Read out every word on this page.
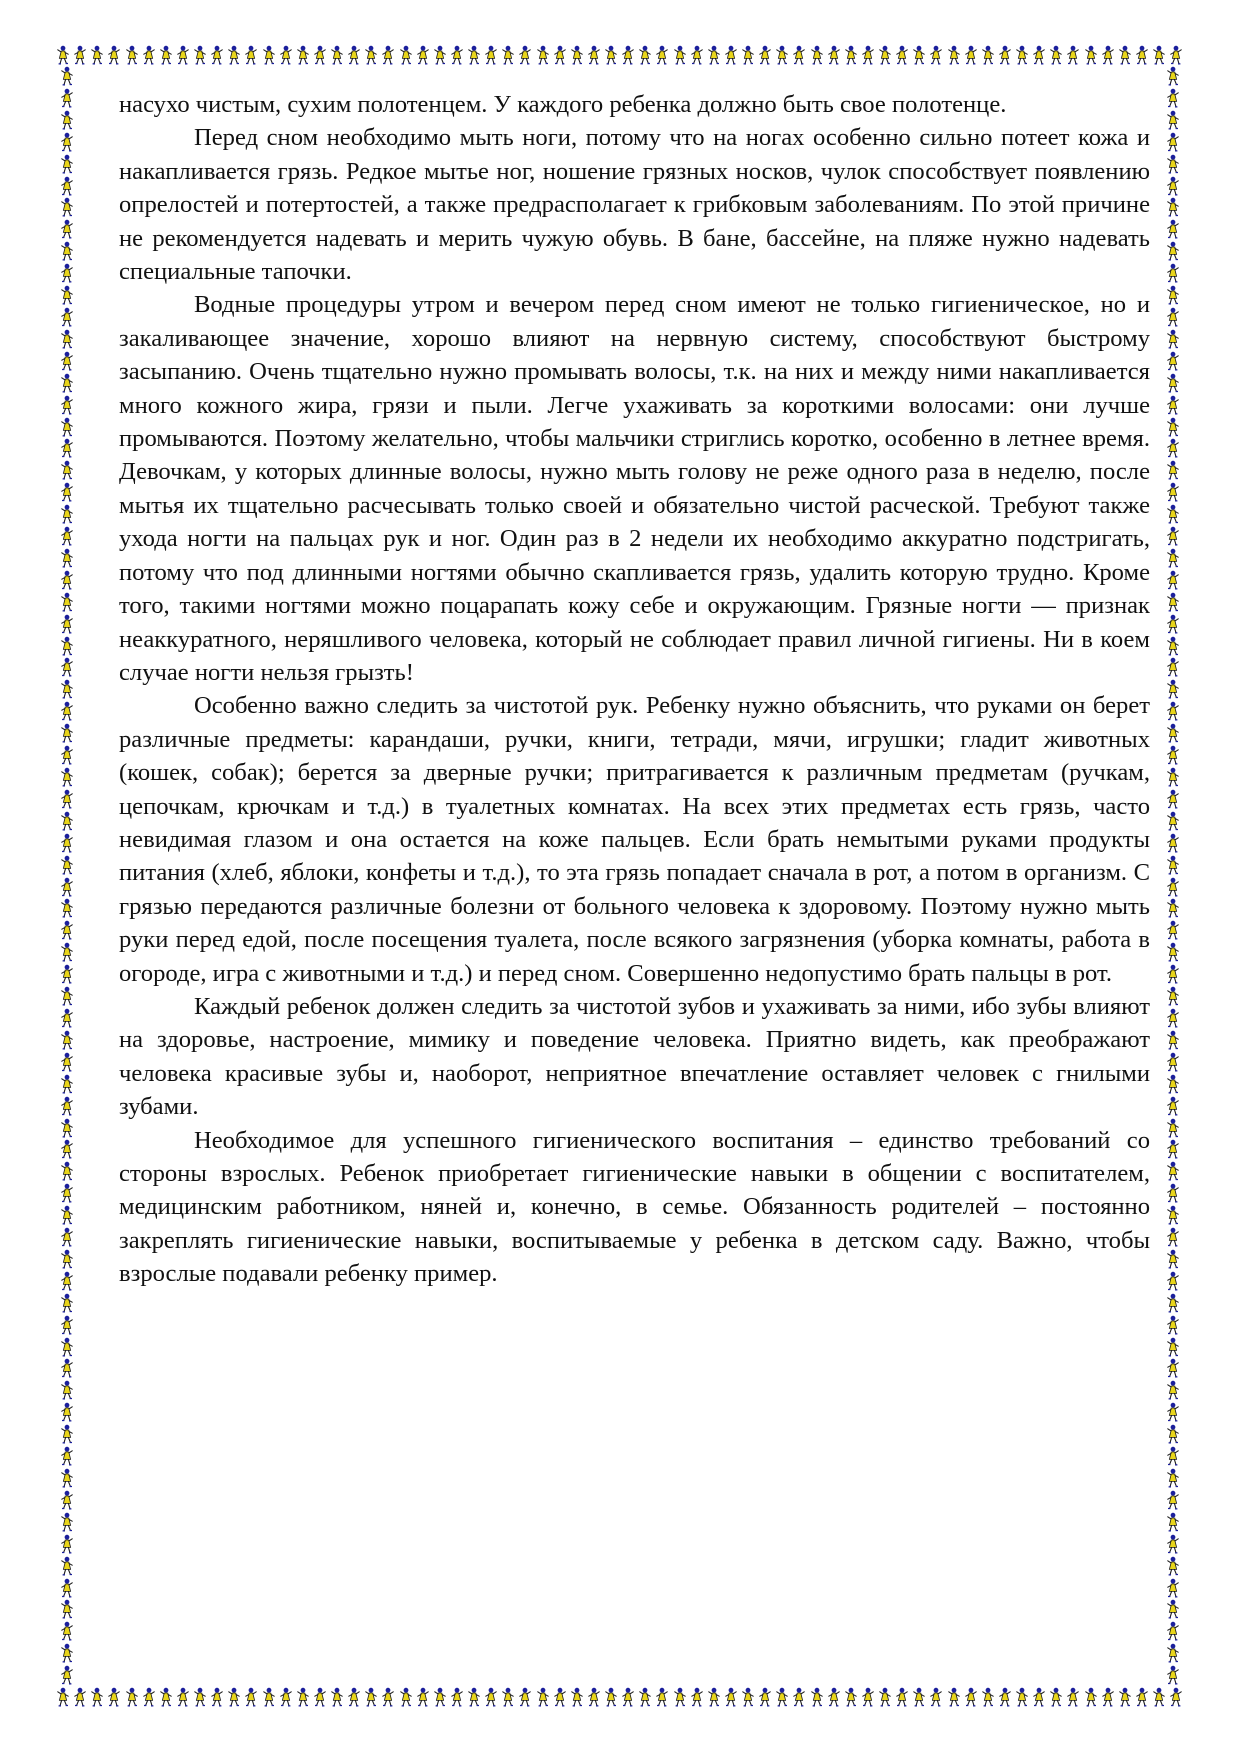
насухо чистым, сухим полотенцем. У каждого ребенка должно быть свое полотенце.

Перед сном необходимо мыть ноги, потому что на ногах особенно сильно потеет кожа и накапливается грязь. Редкое мытье ног, ношение грязных носков, чулок способствует появлению опрелостей и потертостей, а также предрасполагает к грибковым заболеваниям. По этой причине не рекомендуется надевать и мерить чужую обувь. В бане, бассейне, на пляже нужно надевать специальные тапочки.

Водные процедуры утром и вечером перед сном имеют не только гигиеническое, но и закаливающее значение, хорошо влияют на нервную систему, способствуют быстрому засыпанию. Очень тщательно нужно промывать волосы, т.к. на них и между ними накапливается много кожного жира, грязи и пыли. Легче ухаживать за короткими волосами: они лучше промываются. Поэтому желательно, чтобы мальчики стриглись коротко, особенно в летнее время. Девочкам, у которых длинные волосы, нужно мыть голову не реже одного раза в неделю, после мытья их тщательно расчесывать только своей и обязательно чистой расческой. Требуют также ухода ногти на пальцах рук и ног. Один раз в 2 недели их необходимо аккуратно подстригать, потому что под длинными ногтями обычно скапливается грязь, удалить которую трудно. Кроме того, такими ногтями можно поцарапать кожу себе и окружающим. Грязные ногти — признак неаккуратного, неряшливого человека, который не соблюдает правил личной гигиены. Ни в коем случае ногти нельзя грызть!

Особенно важно следить за чистотой рук. Ребенку нужно объяснить, что руками он берет различные предметы: карандаши, ручки, книги, тетради, мячи, игрушки; гладит животных (кошек, собак); берется за дверные ручки; притрагивается к различным предметам (ручкам, цепочкам, крючкам и т.д.) в туалетных комнатах. На всех этих предметах есть грязь, часто невидимая глазом и она остается на коже пальцев. Если брать немытыми руками продукты питания (хлеб, яблоки, конфеты и т.д.), то эта грязь попадает сначала в рот, а потом в организм. С грязью передаются различные болезни от больного человека к здоровому. Поэтому нужно мыть руки перед едой, после посещения туалета, после всякого загрязнения (уборка комнаты, работа в огороде, игра с животными и т.д.) и перед сном. Совершенно недопустимо брать пальцы в рот.

Каждый ребенок должен следить за чистотой зубов и ухаживать за ними, ибо зубы влияют на здоровье, настроение, мимику и поведение человека. Приятно видеть, как преображают человека красивые зубы и, наоборот, неприятное впечатление оставляет человек с гнилыми зубами.

Необходимое для успешного гигиенического воспитания – единство требований со стороны взрослых. Ребенок приобретает гигиенические навыки в общении с воспитателем, медицинским работником, няней и, конечно, в семье. Обязанность родителей – постоянно закреплять гигиенические навыки, воспитываемые у ребенка в детском саду. Важно, чтобы взрослые подавали ребенку пример.
